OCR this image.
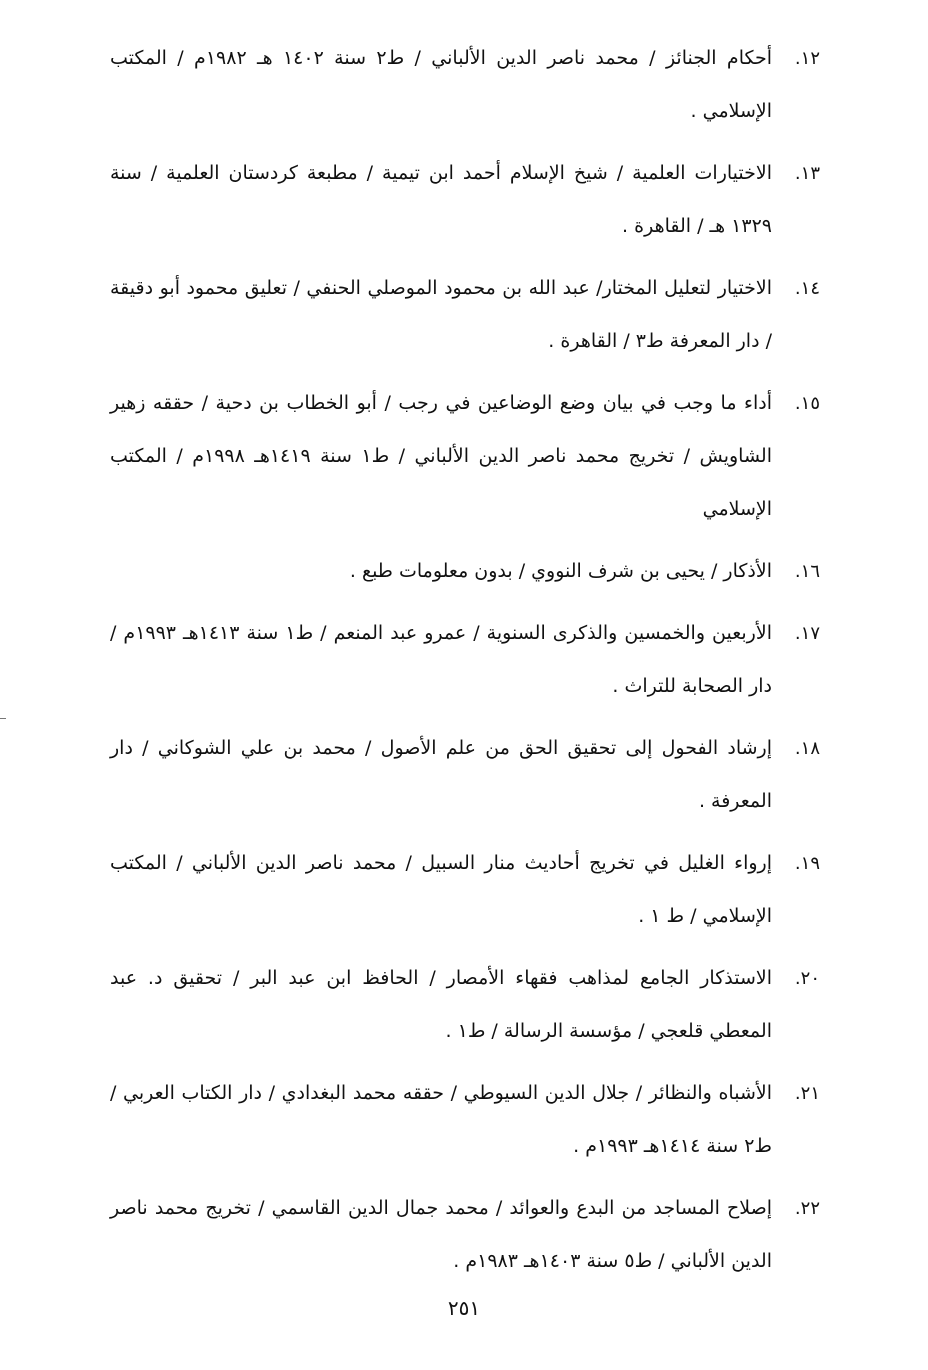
١٢.
أحكام الجنائز / محمد ناصر الدين الألباني / ط٢ سنة ١٤٠٢ هـ ١٩٨٢م / المكتب الإسلامي .
١٣.
الاختيارات العلمية / شيخ الإسلام أحمد ابن تيمية / مطبعة كردستان العلمية / سنة ١٣٢٩ هـ / القاهرة .
١٤.
الاختيار لتعليل المختار/ عبد الله بن محمود الموصلي الحنفي / تعليق محمود أبو دقيقة / دار المعرفة ط٣ / القاهرة .
١٥.
أداء ما وجب في بيان وضع الوضاعين في رجب / أبو الخطاب بن دحية / حققه زهير الشاويش / تخريج محمد ناصر الدين الألباني / ط١ سنة ١٤١٩هـ ١٩٩٨م / المكتب الإسلامي
١٦.
الأذكار / يحيى بن شرف النووي / بدون معلومات طبع .
١٧.
الأربعين والخمسين والذكرى السنوية / عمرو عبد المنعم / ط١ سنة ١٤١٣هـ ١٩٩٣م / دار الصحابة للتراث .
١٨.
إرشاد الفحول إلى تحقيق الحق من علم الأصول / محمد بن علي الشوكاني / دار المعرفة .
١٩.
إرواء الغليل في تخريج أحاديث منار السبيل / محمد ناصر الدين الألباني / المكتب الإسلامي / ط ١ .
٢٠.
الاستذكار الجامع لمذاهب فقهاء الأمصار / الحافظ ابن عبد البر / تحقيق د. عبد المعطي قلعجي / مؤسسة الرسالة / ط١ .
٢١.
الأشباه والنظائر / جلال الدين السيوطي / حققه محمد البغدادي / دار الكتاب العربي / ط٢ سنة ١٤١٤هـ ١٩٩٣م .
٢٢.
إصلاح المساجد من البدع والعوائد / محمد جمال الدين القاسمي / تخريج محمد ناصر الدين الألباني / ط٥ سنة ١٤٠٣هـ ١٩٨٣م .
٢٥١
